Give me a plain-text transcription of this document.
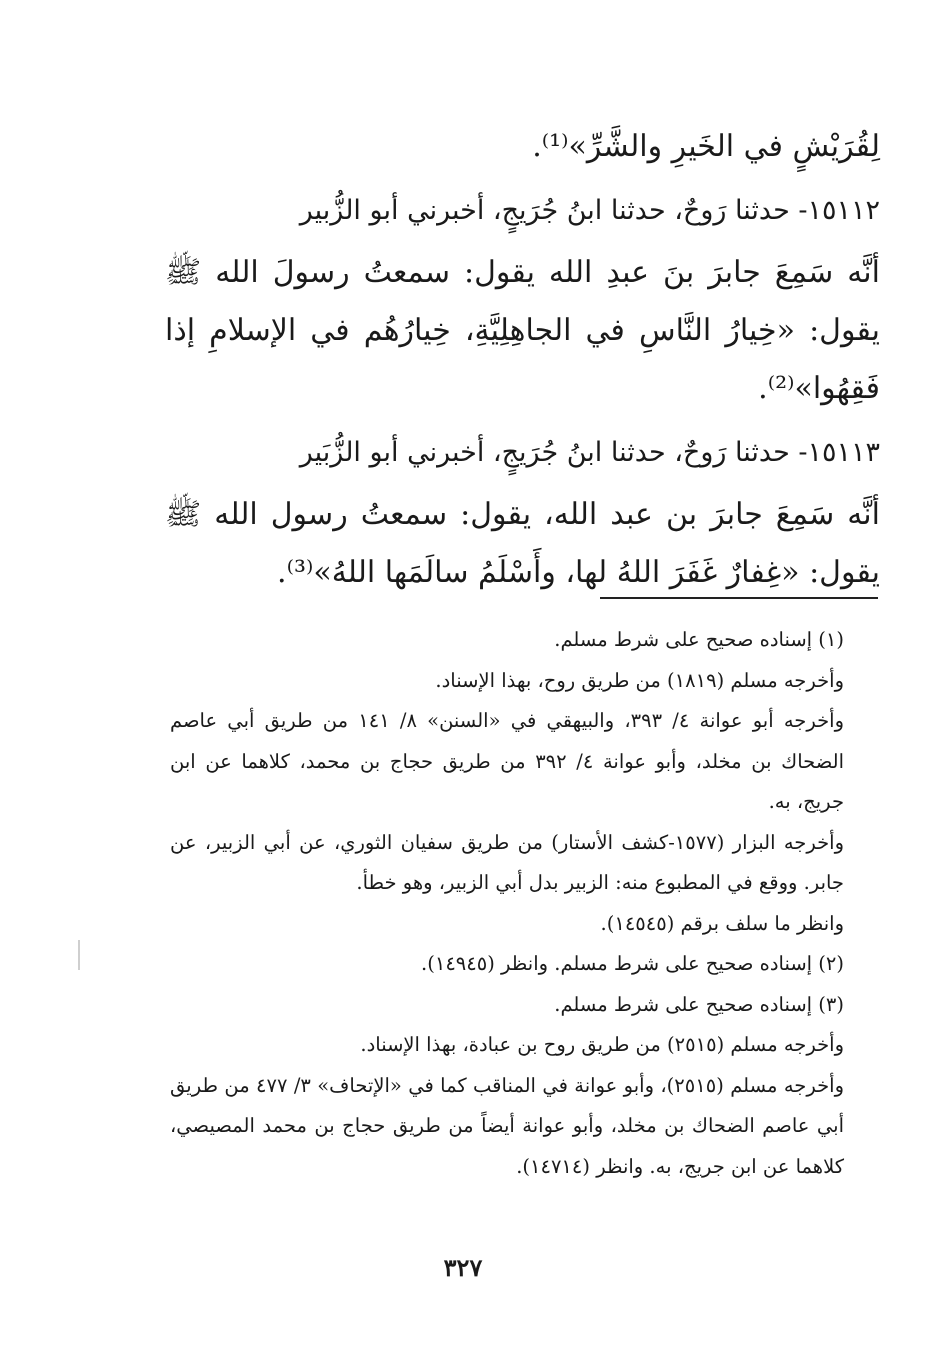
لِقُرَيْشٍ في الخَيرِ والشَّرِّ»⁽¹⁾.

١٥١١٢- حدثنا رَوحٌ، حدثنا ابنُ جُرَيجٍ، أخبرني أبو الزُّبير

أنَّه سَمِعَ جابرَ بنَ عبدِ الله يقول: سمعتُ رسولَ الله ﷺ يقول: «خِيارُ النَّاسِ في الجاهِلِيَّةِ، خِيارُهُم في الإسلامِ إذا فَقِهُوا»⁽²⁾.

١٥١١٣- حدثنا رَوحٌ، حدثنا ابنُ جُرَيجٍ، أخبرني أبو الزُّبَير

أنَّه سَمِعَ جابرَ بن عبد الله، يقول: سمعتُ رسول الله ﷺ يقول: «غِفارٌ غَفَرَ اللهُ لها، وأَسْلَمُ سالَمَها اللهُ»⁽³⁾.

(١) إسناده صحيح على شرط مسلم.

وأخرجه مسلم (١٨١٩) من طريق روح، بهذا الإسناد.

وأخرجه أبو عوانة ٤/ ٣٩٣، والبيهقي في «السنن» ٨/ ١٤١ من طريق أبي عاصم الضحاك بن مخلد، وأبو عوانة ٤/ ٣٩٢ من طريق حجاج بن محمد، كلاهما عن ابن جريج، به.

وأخرجه البزار (١٥٧٧-كشف الأستار) من طريق سفيان الثوري، عن أبي الزبير، عن جابر. ووقع في المطبوع منه: الزبير بدل أبي الزبير، وهو خطأ.

وانظر ما سلف برقم (١٤٥٤٥).

(٢) إسناده صحيح على شرط مسلم. وانظر (١٤٩٤٥).

(٣) إسناده صحيح على شرط مسلم.

وأخرجه مسلم (٢٥١٥) من طريق روح بن عبادة، بهذا الإسناد.

وأخرجه مسلم (٢٥١٥)، وأبو عوانة في المناقب كما في «الإتحاف» ٣/ ٤٧٧ من طريق أبي عاصم الضحاك بن مخلد، وأبو عوانة أيضاً من طريق حجاج بن محمد المصيصي، كلاهما عن ابن جريج، به. وانظر (١٤٧١٤).

٣٢٧
